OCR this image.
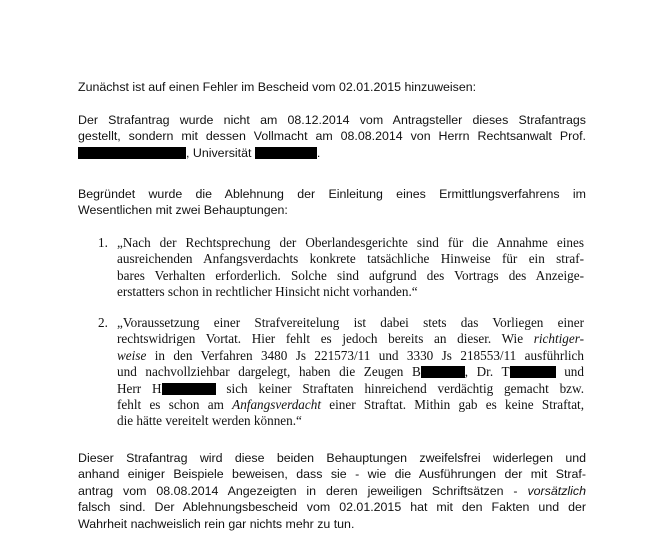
Zunächst ist auf einen Fehler im Bescheid vom 02.01.2015 hinzuweisen:
Der Strafantrag wurde nicht am 08.12.2014 vom Antragsteller dieses Strafantrags
gestellt, sondern mit dessen Vollmacht am 08.08.2014 von Herrn Rechtsanwalt Prof.
, Universität	.
Begründet wurde die Ablehnung der Einleitung eines Ermittlungsverfahrens im
Wesentlichen mit zwei Behauptungen:
1. „Nach der Rechtsprechung der Oberlandesgerichte sind für die Annahme eines
ausreichenden Anfangsverdachts konkrete tatsächliche Hinweise für ein straf-
bares Verhalten erforderlich. Solche sind aufgrund des Vortrags des Anzeige-
erstatters schon in rechtlicher Hinsicht nicht vorhanden.“
2. „Voraussetzung einer Strafvereitelung ist dabei stets das Vorliegen einer
rechtswidrigen Vortat. Hier fehlt es jedoch bereits an dieser. Wie richtiger-
weise in den Verfahren 3480 Js 221573/11 und 3330 Js 218553/11 ausführlich
und nachvollziehbar dargelegt, haben die Zeugen B	, Dr. T	und
Herr H	sich keiner Straftaten hinreichend verdächtig gemacht bzw.
fehlt es schon am Anfangsverdacht einer Straftat. Mithin gab es keine Straftat,
die hätte vereitelt werden können.“
Dieser Strafantrag wird diese beiden Behauptungen zweifelsfrei widerlegen und
anhand einiger Beispiele beweisen, dass sie - wie die Ausführungen der mit Straf-
antrag vom 08.08.2014 Angezeigten in deren jeweiligen Schriftsätzen - vorsätzlich
falsch sind. Der Ablehnungsbescheid vom 02.01.2015 hat mit den Fakten und der
Wahrheit nachweislich rein gar nichts mehr zu tun.
